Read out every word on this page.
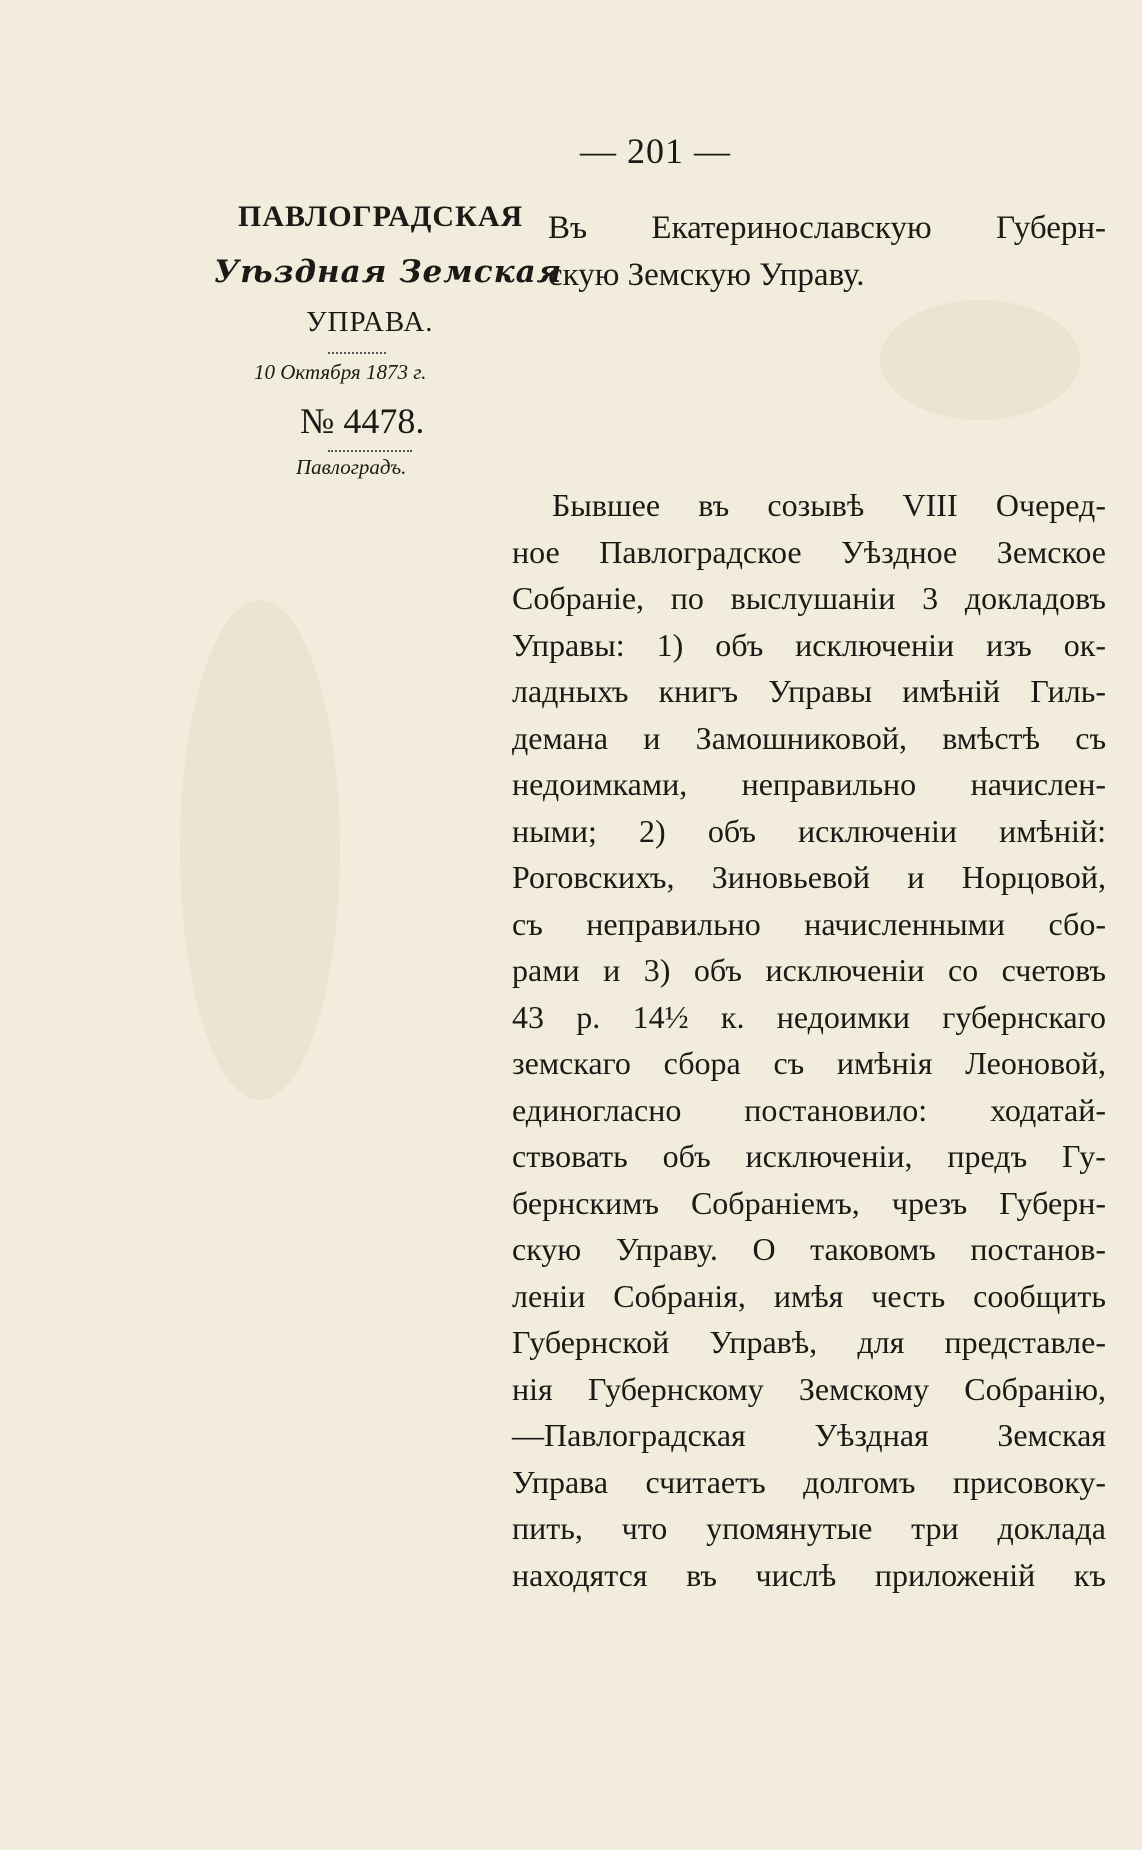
— 201 —
ПАВЛОГРАДСКАЯ
Уѣздная Земская
УПРАВА.
10 Октября 1873 г.
№ 4478.
Павлоградъ.
Въ Екатеринославскую Губерн-
скую Земскую Управу.
Бывшее въ созывѣ VIII Очеред-
ное Павлоградское Уѣздное Земское
Собраніе, по выслушаніи 3 докладовъ
Управы: 1) объ исключеніи изъ ок-
ладныхъ книгъ Управы имѣній Гиль-
демана и Замошниковой, вмѣстѣ съ
недоимками, неправильно начислен-
ными; 2) объ исключеніи имѣній:
Роговскихъ, Зиновьевой и Норцовой,
съ неправильно начисленными сбо-
рами и 3) объ исключеніи со счетовъ
43 р. 14½ к. недоимки губернскаго
земскаго сбора съ имѣнія Леоновой,
единогласно постановило: ходатай-
ствовать объ исключеніи, предъ Гу-
бернскимъ Собраніемъ, чрезъ Губерн-
скую Управу. О таковомъ постанов-
леніи Собранія, имѣя честь сообщить
Губернской Управѣ, для представле-
нія Губернскому Земскому Собранію,
—Павлоградская Уѣздная Земская
Управа считаетъ долгомъ присовоку-
пить, что упомянутые три доклада
находятся въ числѣ приложеній къ
